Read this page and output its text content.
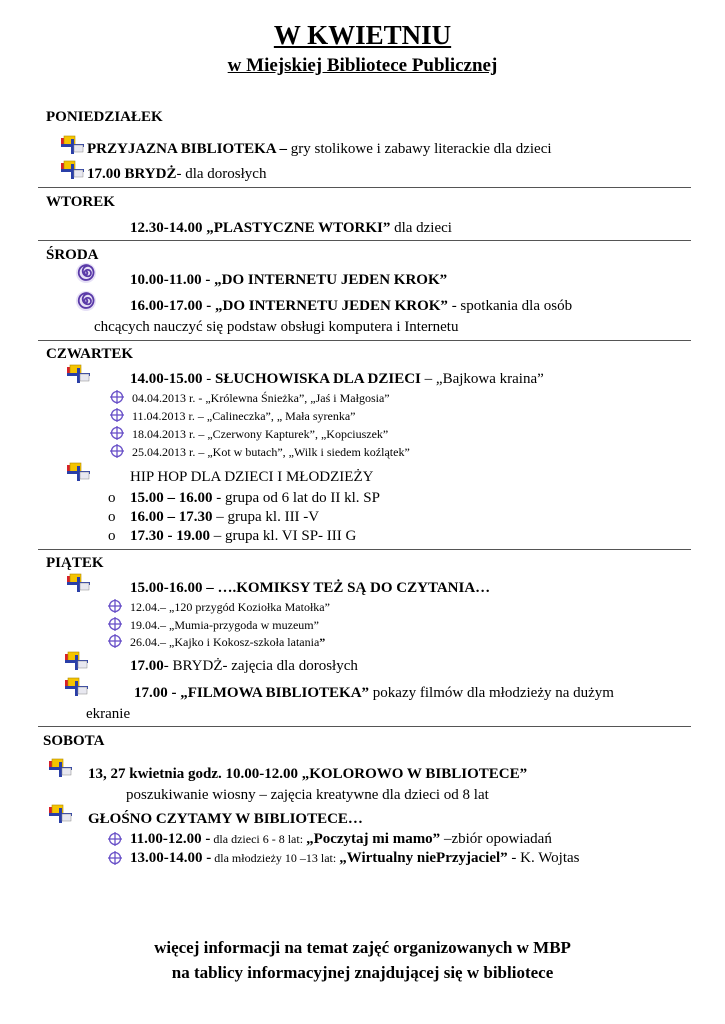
W KWIETNIU
w Miejskiej Bibliotece Publicznej
PONIEDZIAŁEK
PRZYJAZNA BIBLIOTEKA – gry stolikowe i zabawy literackie dla dzieci
17.00 BRYDŻ- dla dorosłych
WTOREK
12.30-14.00 „PLASTYCZNE WTORKI” dla dzieci
ŚRODA
10.00-11.00 - „DO INTERNETU JEDEN KROK”
16.00-17.00 - „DO INTERNETU JEDEN KROK” - spotkania dla osób
chcących nauczyć się podstaw obsługi komputera i Internetu
CZWARTEK
14.00-15.00 - SŁUCHOWISKA DLA DZIECI – „Bajkowa kraina”
04.04.2013 r. - „Królewna Śnieżka”, „Jaś i Małgosia”
11.04.2013 r. – „Calineczka”, „ Mała syrenka”
18.04.2013 r. – „Czerwony Kapturek”, „Kopciuszek”
25.04.2013 r. – „Kot w butach”, „Wilk i siedem koźlątek”
HIP HOP DLA DZIECI I MŁODZIEŻY
o 15.00 – 16.00 - grupa od 6 lat do II kl. SP
o 16.00 – 17.30 – grupa kl. III -V
o 17.30 - 19.00 – grupa kl. VI SP- III G
PIĄTEK
15.00-16.00 – ….KOMIKSY TEŻ SĄ DO CZYTANIA…
12.04.– „120 przygód Koziołka Matołka”
19.04.– „Mumia-przygoda w muzeum”
26.04.– „Kajko i Kokosz-szkoła latania”
17.00- BRYDŻ- zajęcia dla dorosłych
17.00 - „FILMOWA BIBLIOTEKA” pokazy filmów dla młodzieży na dużym
ekranie
SOBOTA
13, 27 kwietnia godz. 10.00-12.00 „KOLOROWO W BIBLIOTECE”
poszukiwanie wiosny – zajęcia kreatywne dla dzieci od 8 lat
GŁOŚNO CZYTAMY W BIBLIOTECE…
11.00-12.00 - dla dzieci 6 - 8 lat: „Poczytaj mi mamo” –zbiór opowiadań
13.00-14.00 - dla młodzieży 10 –13 lat: „Wirtualny niePrzyjaciel” - K. Wojtas
więcej informacji na temat zajęć organizowanych w MBP
na tablicy informacyjnej znajdującej się w bibliotece
